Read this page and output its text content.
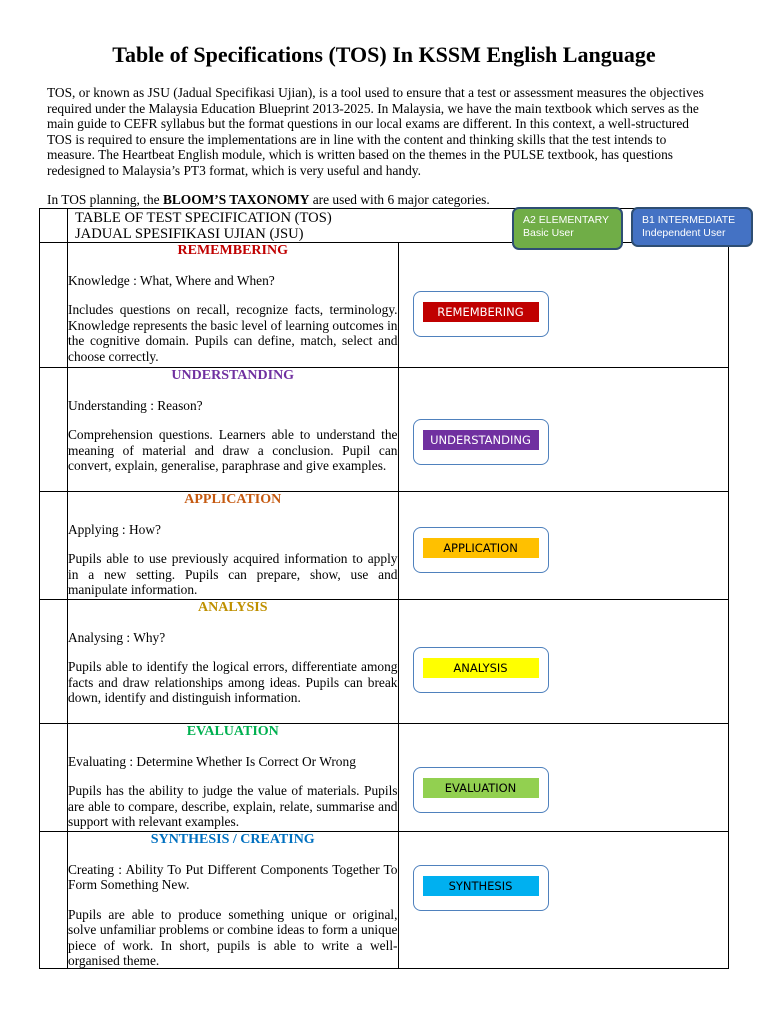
Table of Specifications (TOS) In KSSM English Language
TOS, or known as JSU (Jadual Specifikasi Ujian), is a tool used to ensure that a test or assessment measures the objectives required under the Malaysia Education Blueprint 2013-2025. In Malaysia, we have the main textbook which serves as the main guide to CEFR syllabus but the format questions in our local exams are different. In this context, a well-structured TOS is required to ensure the implementations are in line with the content and thinking skills that the test intends to measure. The Heartbeat English module, which is written based on the themes in the PULSE textbook, has questions redesigned to Malaysia’s PT3 format, which is very useful and handy.
In TOS planning, the BLOOM’S TAXONOMY are used with 6 major categories.

	TABLE OF TEST SPECIFICATION (TOS)
JADUAL SPESIFIKASI UJIAN (JSU)	

	REMEMBERING

Knowledge : What, Where and When?

Includes questions on recall, recognize facts, terminology. Knowledge represents the basic level of learning outcomes in the cognitive domain. Pupils can define, match, select and choose correctly.	REMEMBERING

	UNDERSTANDING

Understanding : Reason?

Comprehension questions. Learners able to understand the meaning of material and draw a conclusion. Pupil can convert, explain, generalise, paraphrase and give examples.	UNDERSTANDING

	APPLICATION

Applying : How?

Pupils able to use previously acquired information to apply in a new setting. Pupils can prepare, show, use and manipulate information.	APPLICATION

	ANALYSIS

Analysing : Why?

Pupils able to identify the logical errors, differentiate among facts and draw relationships among ideas. Pupils can break down, identify and distinguish information.	ANALYSIS

	EVALUATION

Evaluating : Determine Whether Is Correct Or Wrong

Pupils has the ability to judge the value of materials. Pupils are able to compare, describe, explain, relate, summarise and support with relevant examples.	EVALUATION

	SYNTHESIS / CREATING

Creating : Ability To Put Different Components Together To Form Something New.

Pupils are able to produce something unique or original, solve unfamiliar problems or combine ideas to form a unique piece of work. In short, pupils is able to write a well-organised theme.	SYNTHESIS
A2 ELEMENTARY
Basic User
B1 INTERMEDIATE
Independent User
